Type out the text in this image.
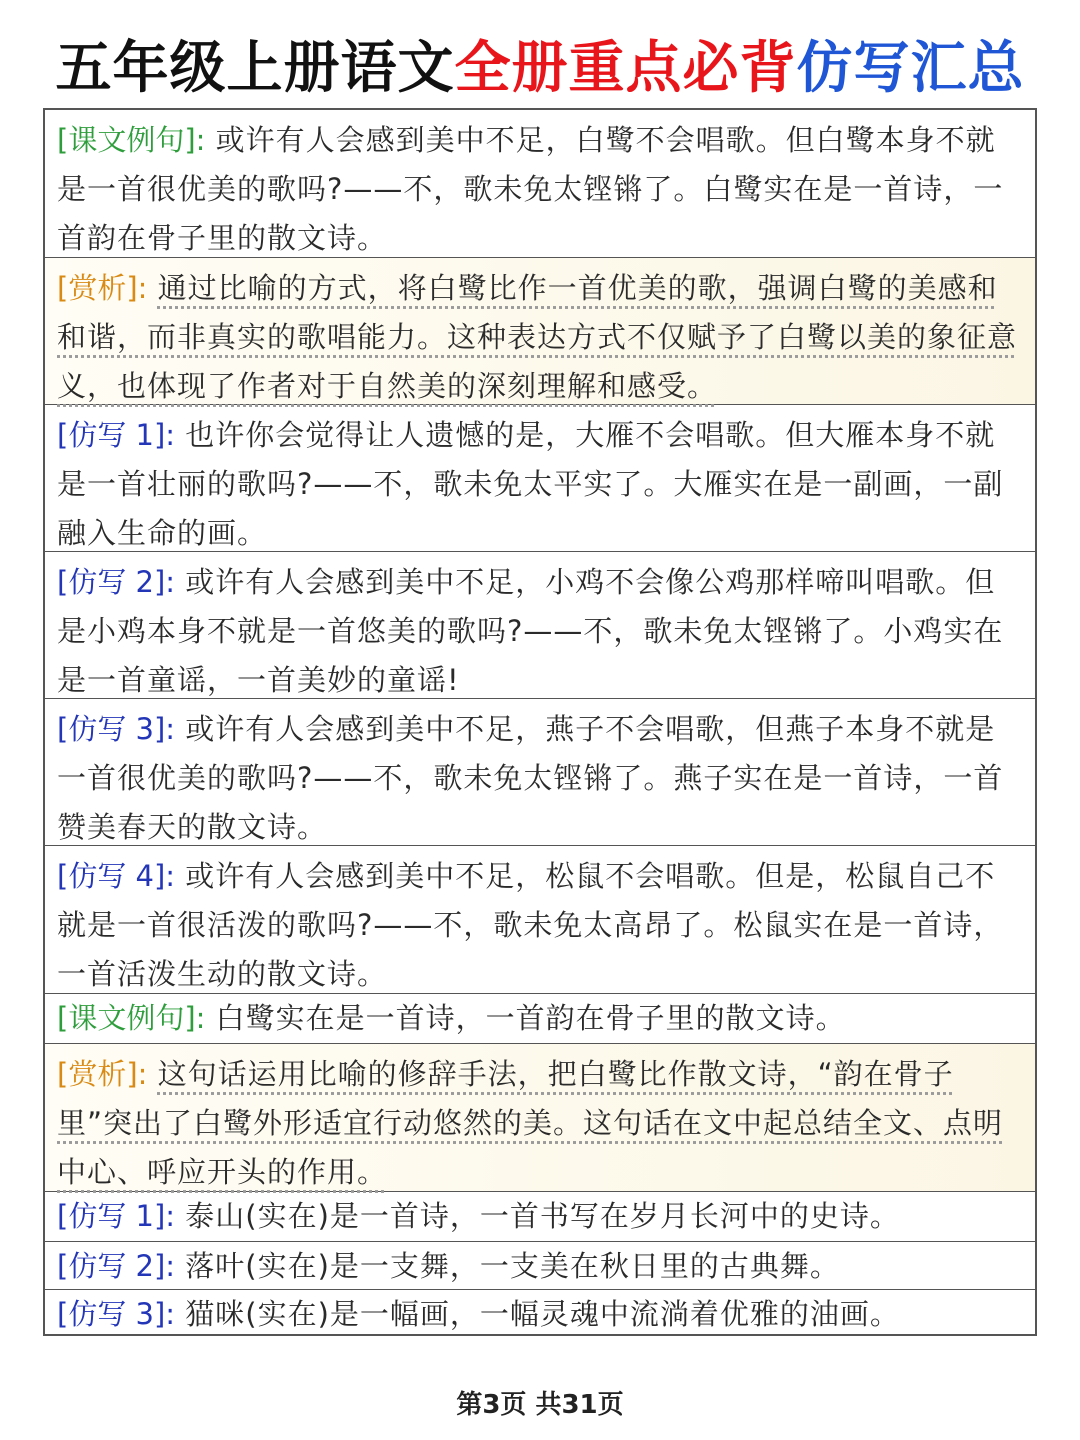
五年级上册语文全册重点必背仿写汇总
[课文例句]: 或许有人会感到美中不足，白鹭不会唱歌。但白鹭本身不就是一首很优美的歌吗?——不，歌未免太铿锵了。白鹭实在是一首诗，一首韵在骨子里的散文诗。
[赏析]: 通过比喻的方式，将白鹭比作一首优美的歌，强调白鹭的美感和和谐，而非真实的歌唱能力。这种表达方式不仅赋予了白鹭以美的象征意义，也体现了作者对于自然美的深刻理解和感受。
[仿写 1]: 也许你会觉得让人遗憾的是，大雁不会唱歌。但大雁本身不就是一首壮丽的歌吗?——不，歌未免太平实了。大雁实在是一副画，一副融入生命的画。
[仿写 2]: 或许有人会感到美中不足，小鸡不会像公鸡那样啼叫唱歌。但是小鸡本身不就是一首悠美的歌吗?——不，歌未免太铿锵了。小鸡实在是一首童谣，一首美妙的童谣!
[仿写 3]: 或许有人会感到美中不足，燕子不会唱歌，但燕子本身不就是一首很优美的歌吗?——不，歌未免太铿锵了。燕子实在是一首诗，一首赞美春天的散文诗。
[仿写 4]: 或许有人会感到美中不足，松鼠不会唱歌。但是，松鼠自己不就是一首很活泼的歌吗?——不，歌未免太高昂了。松鼠实在是一首诗，一首活泼生动的散文诗。
[课文例句]: 白鹭实在是一首诗，一首韵在骨子里的散文诗。
[赏析]: 这句话运用比喻的修辞手法，把白鹭比作散文诗，“韵在骨子里”突出了白鹭外形适宜行动悠然的美。这句话在文中起总结全文、点明中心、呼应开头的作用。
[仿写 1]: 泰山(实在)是一首诗，一首书写在岁月长河中的史诗。
[仿写 2]: 落叶(实在)是一支舞，一支美在秋日里的古典舞。
[仿写 3]: 猫咪(实在)是一幅画，一幅灵魂中流淌着优雅的油画。
第3页 共31页
